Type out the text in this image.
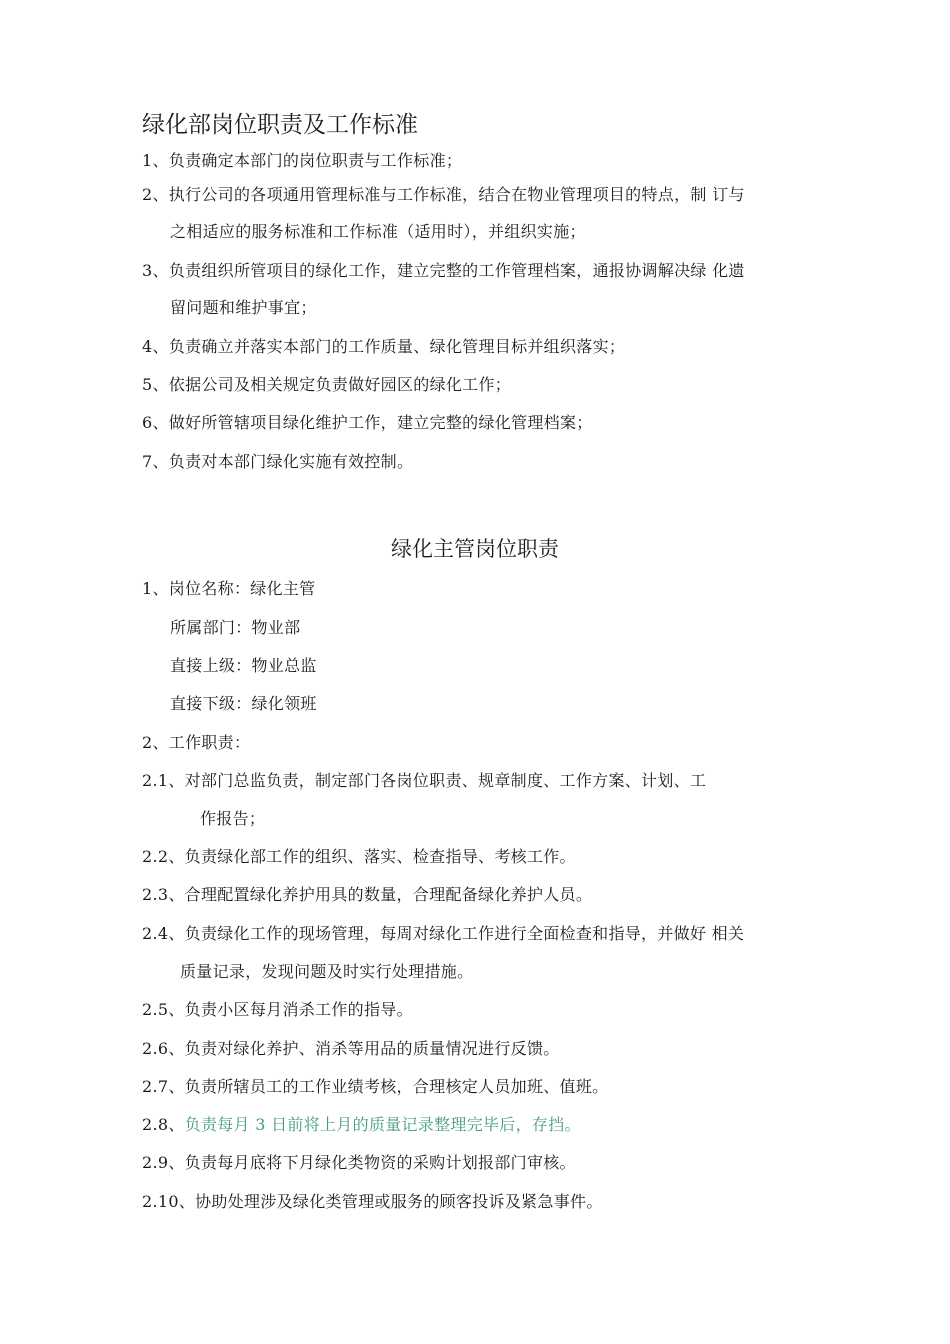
绿化部岗位职责及工作标准
1、负责确定本部门的岗位职责与工作标准；
2、执行公司的各项通用管理标准与工作标准，结合在物业管理项目的特点，制 订与
之相适应的服务标准和工作标准（适用时），并组织实施；
3、负责组织所管项目的绿化工作，建立完整的工作管理档案，通报协调解决绿 化遗
留问题和维护事宜；
4、负责确立并落实本部门的工作质量、绿化管理目标并组织落实；
5、依据公司及相关规定负责做好园区的绿化工作；
6、做好所管辖项目绿化维护工作，建立完整的绿化管理档案；
7、负责对本部门绿化实施有效控制。
绿化主管岗位职责
1、岗位名称：绿化主管
所属部门：物业部
直接上级：物业总监
直接下级：绿化领班
2、工作职责：
2.1、对部门总监负责，制定部门各岗位职责、规章制度、工作方案、计划、工
作报告；
2.2、负责绿化部工作的组织、落实、检查指导、考核工作。
2.3、合理配置绿化养护用具的数量，合理配备绿化养护人员。
2.4、负责绿化工作的现场管理，每周对绿化工作进行全面检查和指导，并做好 相关
质量记录，发现问题及时实行处理措施。
2.5、负责小区每月消杀工作的指导。
2.6、负责对绿化养护、消杀等用品的质量情况进行反馈。
2.7、负责所辖员工的工作业绩考核，合理核定人员加班、值班。
2.8、负责每月 3 日前将上月的质量记录整理完毕后，存挡。
2.9、负责每月底将下月绿化类物资的采购计划报部门审核。
2.10、协助处理涉及绿化类管理或服务的顾客投诉及紧急事件。
